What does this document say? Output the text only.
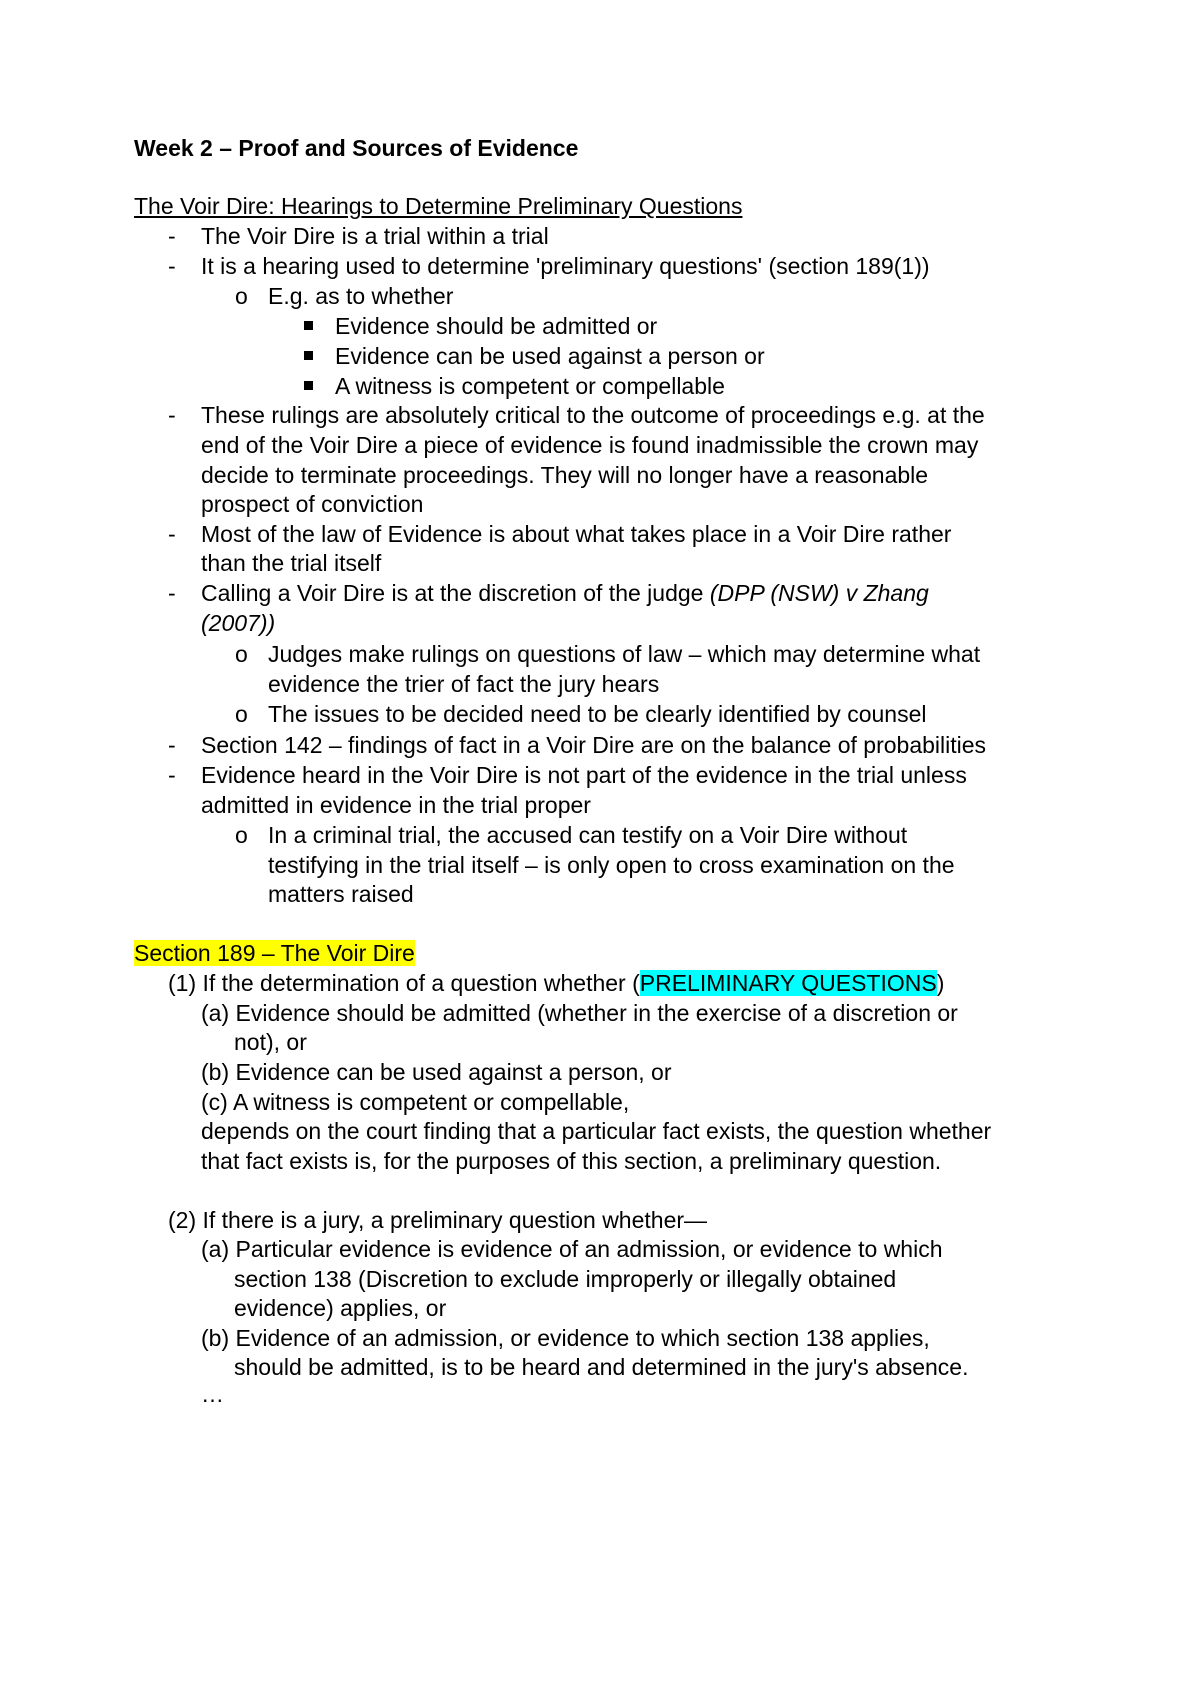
Week 2 – Proof and Sources of Evidence
The Voir Dire: Hearings to Determine Preliminary Questions
- The Voir Dire is a trial within a trial
- It is a hearing used to determine 'preliminary questions' (section 189(1))
o E.g. as to whether
Evidence should be admitted or
Evidence can be used against a person or
A witness is competent or compellable
- These rulings are absolutely critical to the outcome of proceedings e.g. at the
end of the Voir Dire a piece of evidence is found inadmissible the crown may
decide to terminate proceedings. They will no longer have a reasonable
prospect of conviction
- Most of the law of Evidence is about what takes place in a Voir Dire rather
than the trial itself
- Calling a Voir Dire is at the discretion of the judge (DPP (NSW) v Zhang
(2007))
o Judges make rulings on questions of law – which may determine what
evidence the trier of fact the jury hears
o The issues to be decided need to be clearly identified by counsel
- Section 142 – findings of fact in a Voir Dire are on the balance of probabilities
- Evidence heard in the Voir Dire is not part of the evidence in the trial unless
admitted in evidence in the trial proper
o In a criminal trial, the accused can testify on a Voir Dire without
testifying in the trial itself – is only open to cross examination on the
matters raised
Section 189 – The Voir Dire
(1) If the determination of a question whether (PRELIMINARY QUESTIONS)
(a) Evidence should be admitted (whether in the exercise of a discretion or
not), or
(b) Evidence can be used against a person, or
(c) A witness is competent or compellable,
depends on the court finding that a particular fact exists, the question whether
that fact exists is, for the purposes of this section, a preliminary question.
(2) If there is a jury, a preliminary question whether—
(a) Particular evidence is evidence of an admission, or evidence to which
section 138 (Discretion to exclude improperly or illegally obtained
evidence) applies, or
(b) Evidence of an admission, or evidence to which section 138 applies,
should be admitted, is to be heard and determined in the jury's absence.
…
